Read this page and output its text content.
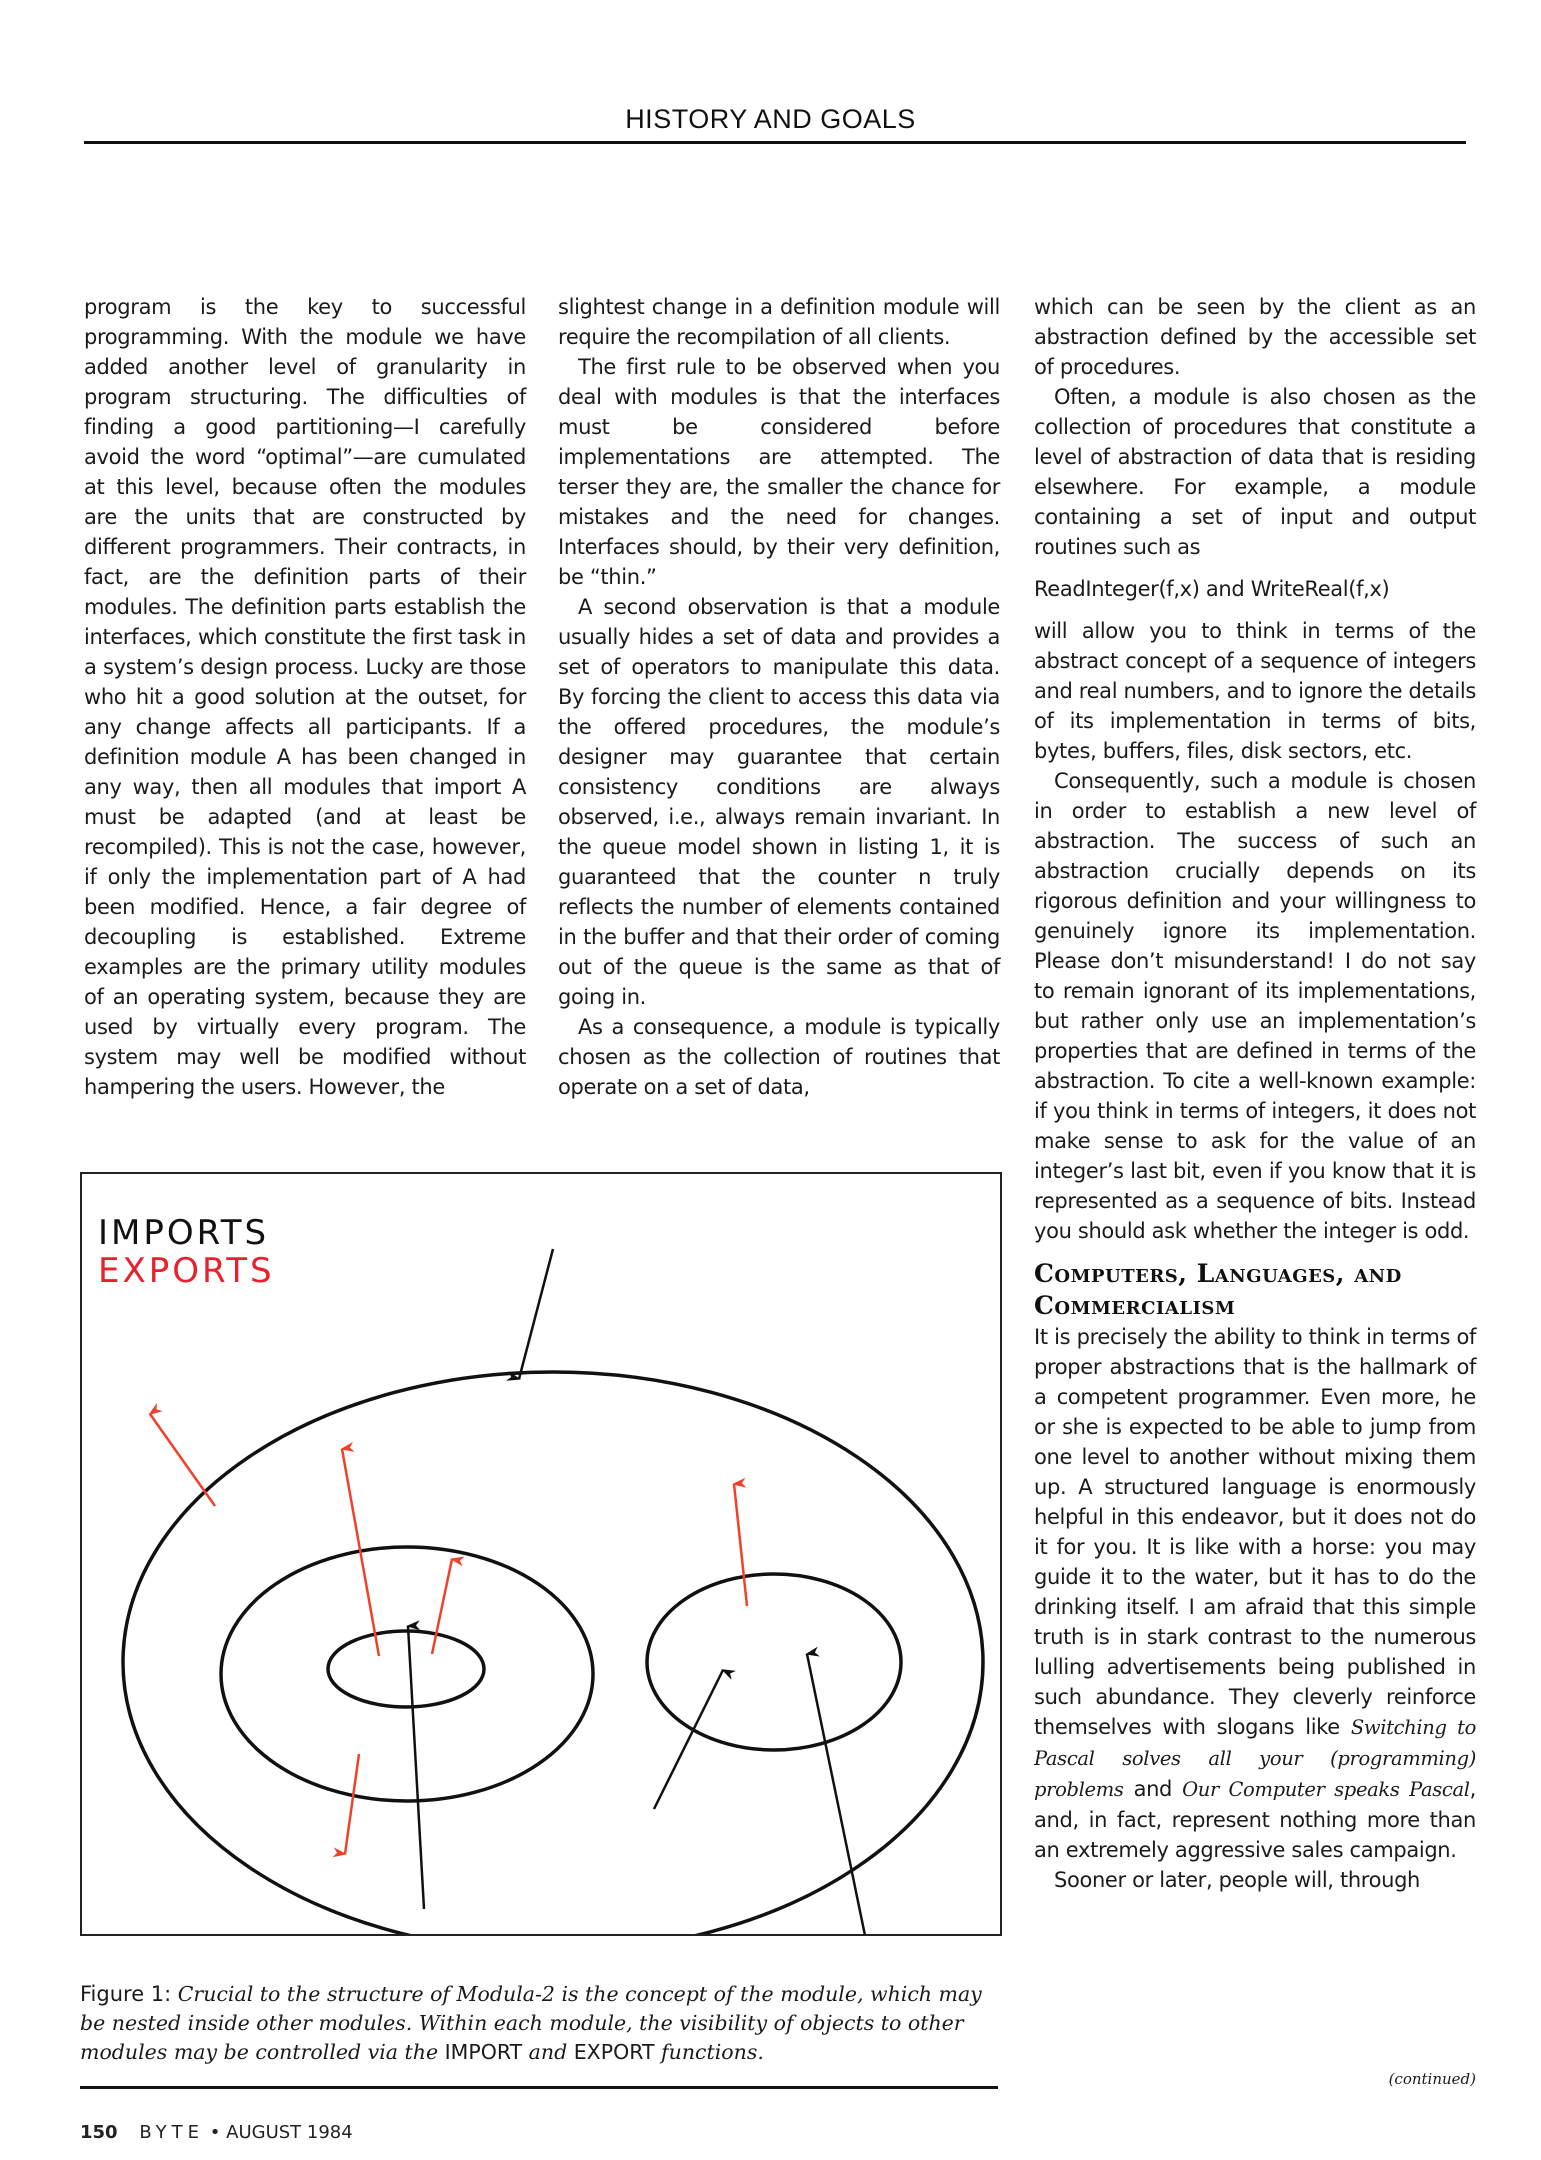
HISTORY AND GOALS

program is the key to successful programming. With the module we have added another level of granularity in program structuring. The difficulties of finding a good partitioning—I carefully avoid the word “optimal”—are cumulated at this level, because often the modules are the units that are constructed by different programmers. Their contracts, in fact, are the definition parts of their modules. The definition parts establish the interfaces, which constitute the first task in a system’s design process. Lucky are those who hit a good solution at the outset, for any change affects all participants. If a definition module A has been changed in any way, then all modules that import A must be adapted (and at least be recompiled). This is not the case, however, if only the implementation part of A had been modified. Hence, a fair degree of decoupling is established. Extreme examples are the primary utility modules of an operating system, because they are used by virtually every program. The system may well be modified without hampering the users. However, the

slightest change in a definition module will require the recompilation of all clients.

The first rule to be observed when you deal with modules is that the interfaces must be considered before implementations are attempted. The terser they are, the smaller the chance for mistakes and the need for changes. Interfaces should, by their very definition, be “thin.”

A second observation is that a module usually hides a set of data and provides a set of operators to manipulate this data. By forcing the client to access this data via the offered procedures, the module’s designer may guarantee that certain consistency conditions are always observed, i.e., always remain invariant. In the queue model shown in listing 1, it is guaranteed that the counter n truly reflects the number of elements contained in the buffer and that their order of coming out of the queue is the same as that of going in.

As a consequence, a module is typically chosen as the collection of routines that operate on a set of data,

which can be seen by the client as an abstraction defined by the accessible set of procedures.

Often, a module is also chosen as the collection of procedures that constitute a level of abstraction of data that is residing elsewhere. For example, a module containing a set of input and output routines such as

ReadInteger(f,x) and WriteReal(f,x)

will allow you to think in terms of the abstract concept of a sequence of integers and real numbers, and to ignore the details of its implementation in terms of bits, bytes, buffers, files, disk sectors, etc.

Consequently, such a module is chosen in order to establish a new level of abstraction. The success of such an abstraction crucially depends on its rigorous definition and your willingness to genuinely ignore its implementation. Please don’t misunderstand! I do not say to remain ignorant of its implementations, but rather only use an implementation’s properties that are defined in terms of the abstraction. To cite a well-known example: if you think in terms of integers, it does not make sense to ask for the value of an integer’s last bit, even if you know that it is represented as a sequence of bits. Instead you should ask whether the integer is odd.

Computers, Languages, and Commercialism

It is precisely the ability to think in terms of proper abstractions that is the hallmark of a competent programmer. Even more, he or she is expected to be able to jump from one level to another without mixing them up. A structured language is enormously helpful in this endeavor, but it does not do it for you. It is like with a horse: you may guide it to the water, but it has to do the drinking itself. I am afraid that this simple truth is in stark contrast to the numerous lulling advertisements being published in such abundance. They cleverly reinforce themselves with slogans like Switching to Pascal solves all your (programming) problems and Our Computer speaks Pascal, and, in fact, represent nothing more than an extremely aggressive sales campaign.

Sooner or later, people will, through

(continued)
IMPORTS
EXPORTS
Figure 1: Crucial to the structure of Modula-2 is the concept of the module, which may be nested inside other modules. Within each module, the visibility of objects to other modules may be controlled via the IMPORT and EXPORT functions.
150 BYTE • AUGUST 1984
